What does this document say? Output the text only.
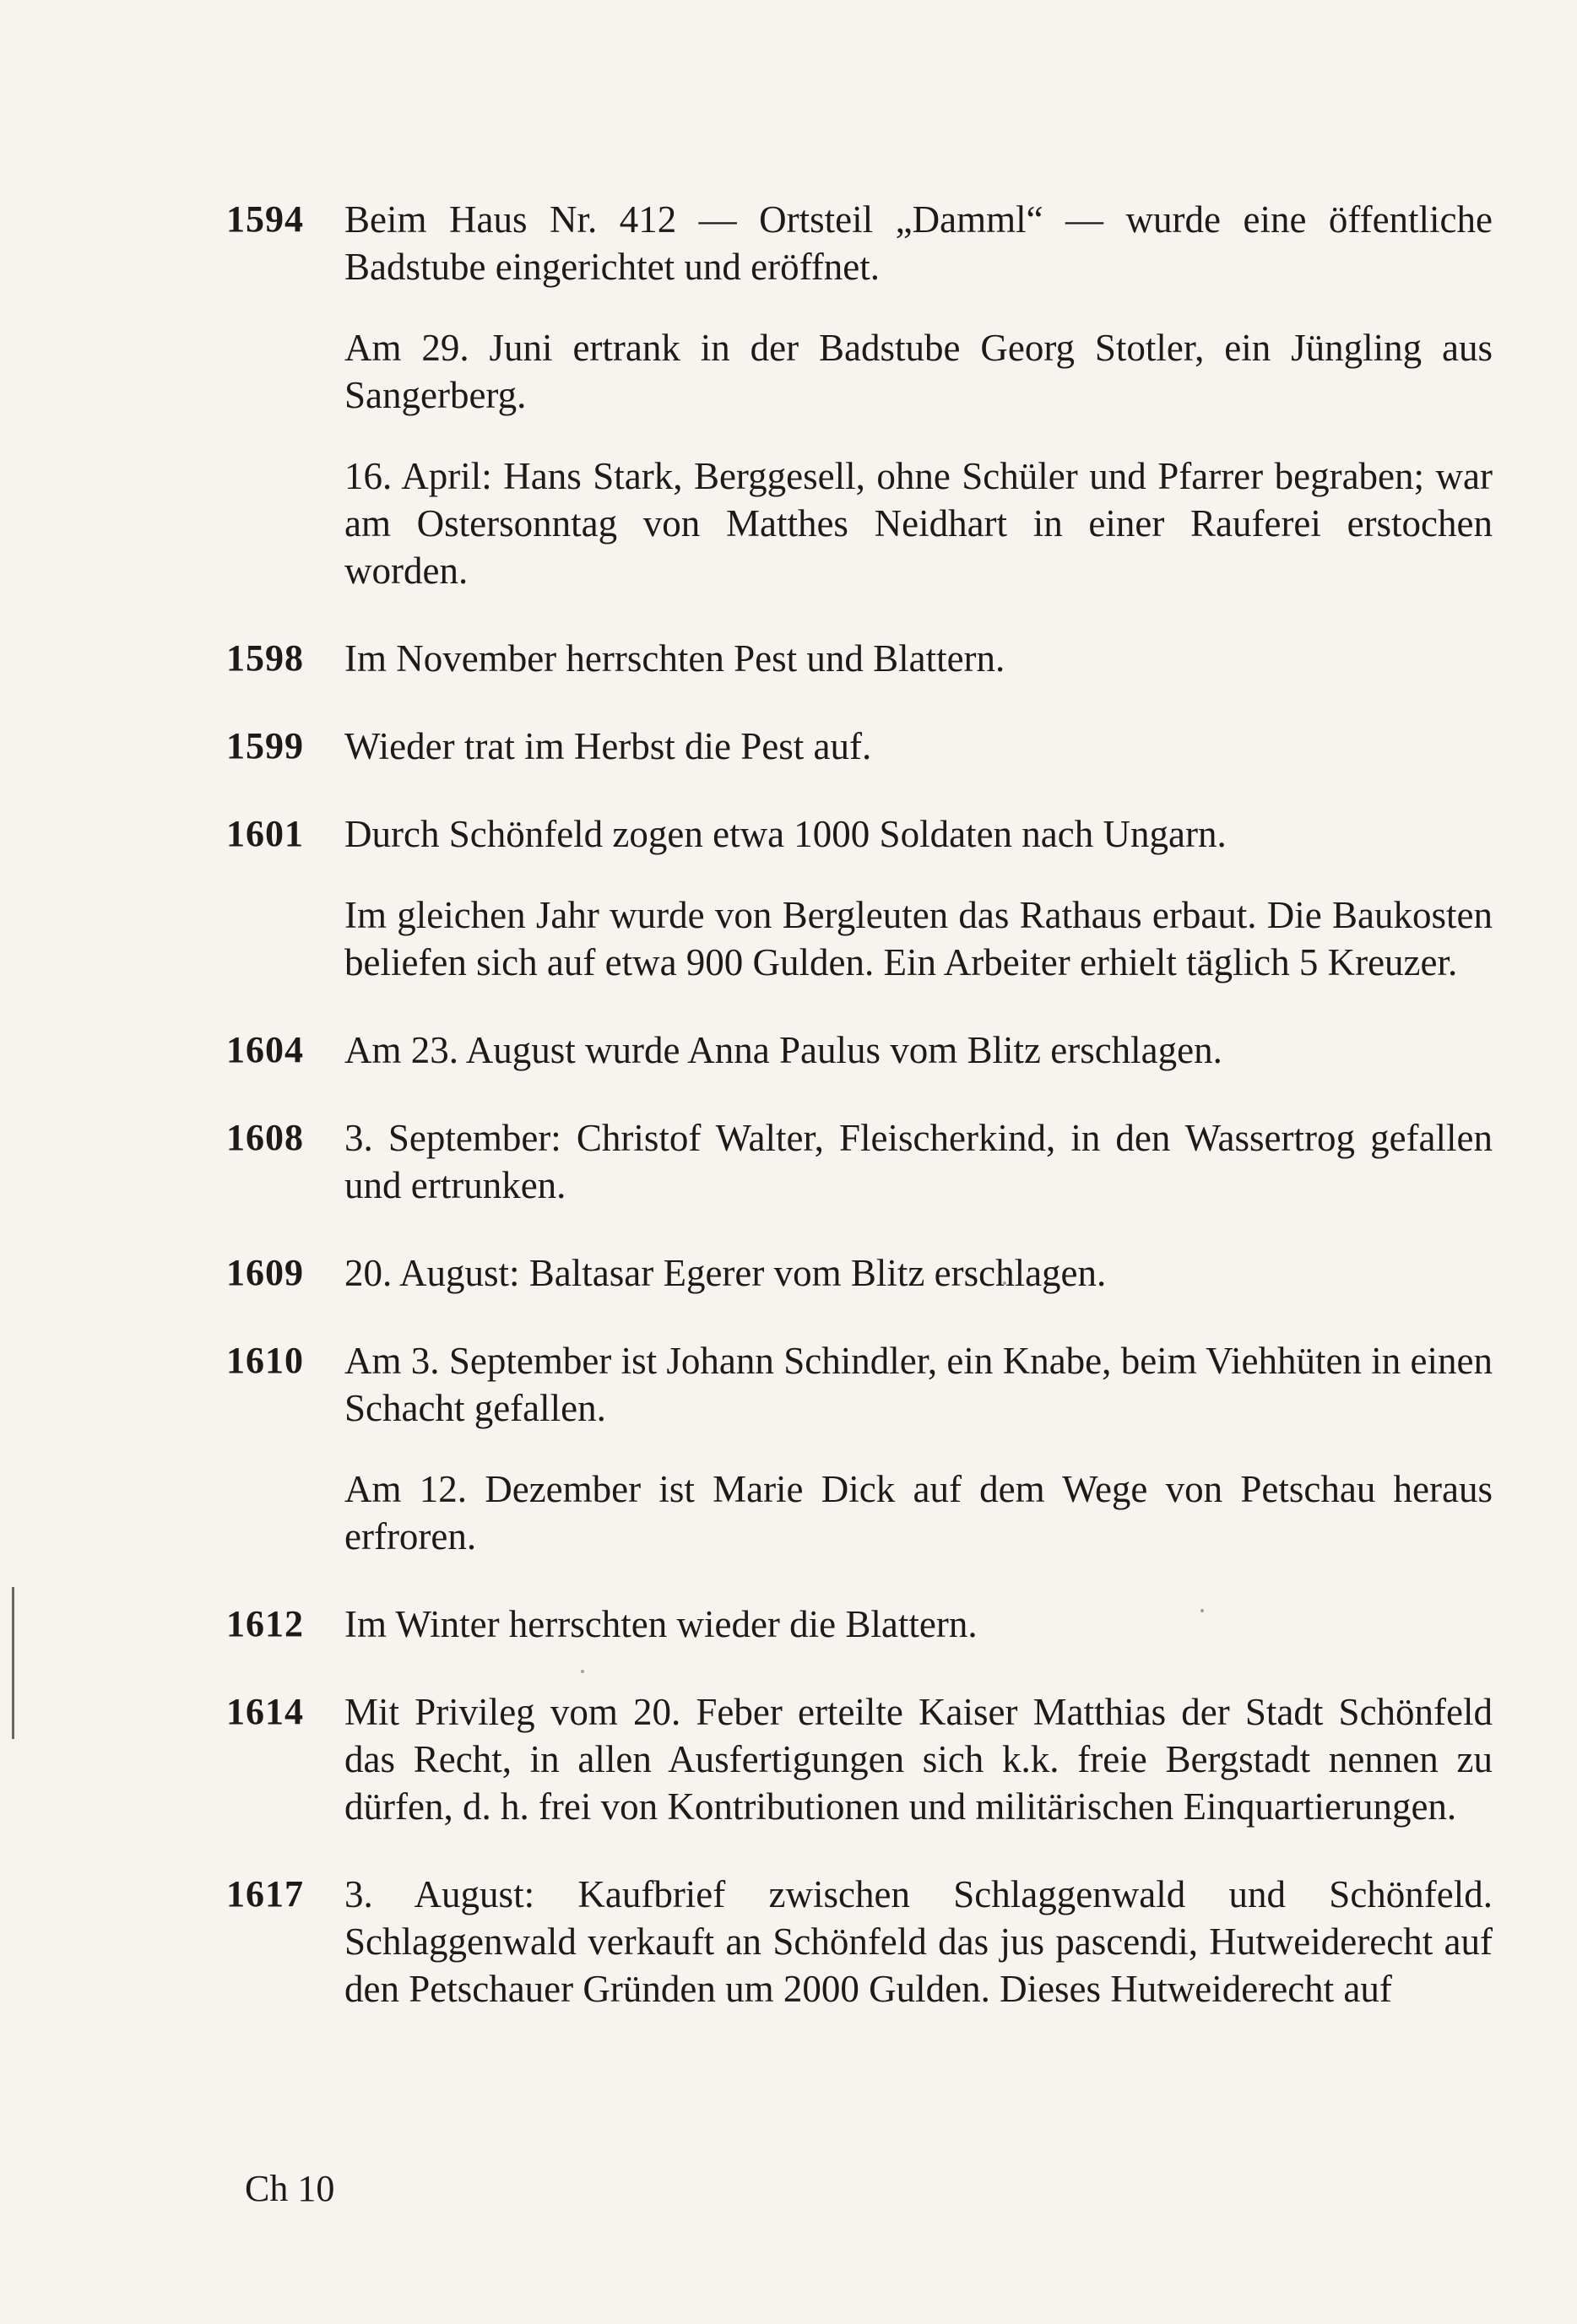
1594	Beim Haus Nr. 412 — Ortsteil „Damml“ — wurde eine öffentliche Badstube eingerichtet und eröffnet.

Am 29. Juni ertrank in der Badstube Georg Stotler, ein Jüngling aus Sangerberg.

16. April: Hans Stark, Berggesell, ohne Schüler und Pfarrer begraben; war am Ostersonntag von Matthes Neidhart in einer Rauferei erstochen worden.

1598	Im November herrschten Pest und Blattern.

1599	Wieder trat im Herbst die Pest auf.

1601	Durch Schönfeld zogen etwa 1000 Soldaten nach Ungarn.

Im gleichen Jahr wurde von Bergleuten das Rathaus erbaut. Die Baukosten beliefen sich auf etwa 900 Gulden. Ein Arbeiter erhielt täglich 5 Kreuzer.

1604	Am 23. August wurde Anna Paulus vom Blitz erschlagen.

1608	3. September: Christof Walter, Fleischerkind, in den Wassertrog gefallen und ertrunken.

1609	20. August: Baltasar Egerer vom Blitz erschlagen.

1610	Am 3. September ist Johann Schindler, ein Knabe, beim Viehhüten in einen Schacht gefallen.

Am 12. Dezember ist Marie Dick auf dem Wege von Petschau heraus erfroren.

1612	Im Winter herrschten wieder die Blattern.

1614	Mit Privileg vom 20. Feber erteilte Kaiser Matthias der Stadt Schönfeld das Recht, in allen Ausfertigungen sich k.k. freie Bergstadt nennen zu dürfen, d. h. frei von Kontributionen und militärischen Einquartierungen.

1617	3. August: Kaufbrief zwischen Schlaggenwald und Schönfeld. Schlaggenwald verkauft an Schönfeld das jus pascendi, Hutweiderecht auf den Petschauer Gründen um 2000 Gulden. Dieses Hutweiderecht auf

Ch 10
